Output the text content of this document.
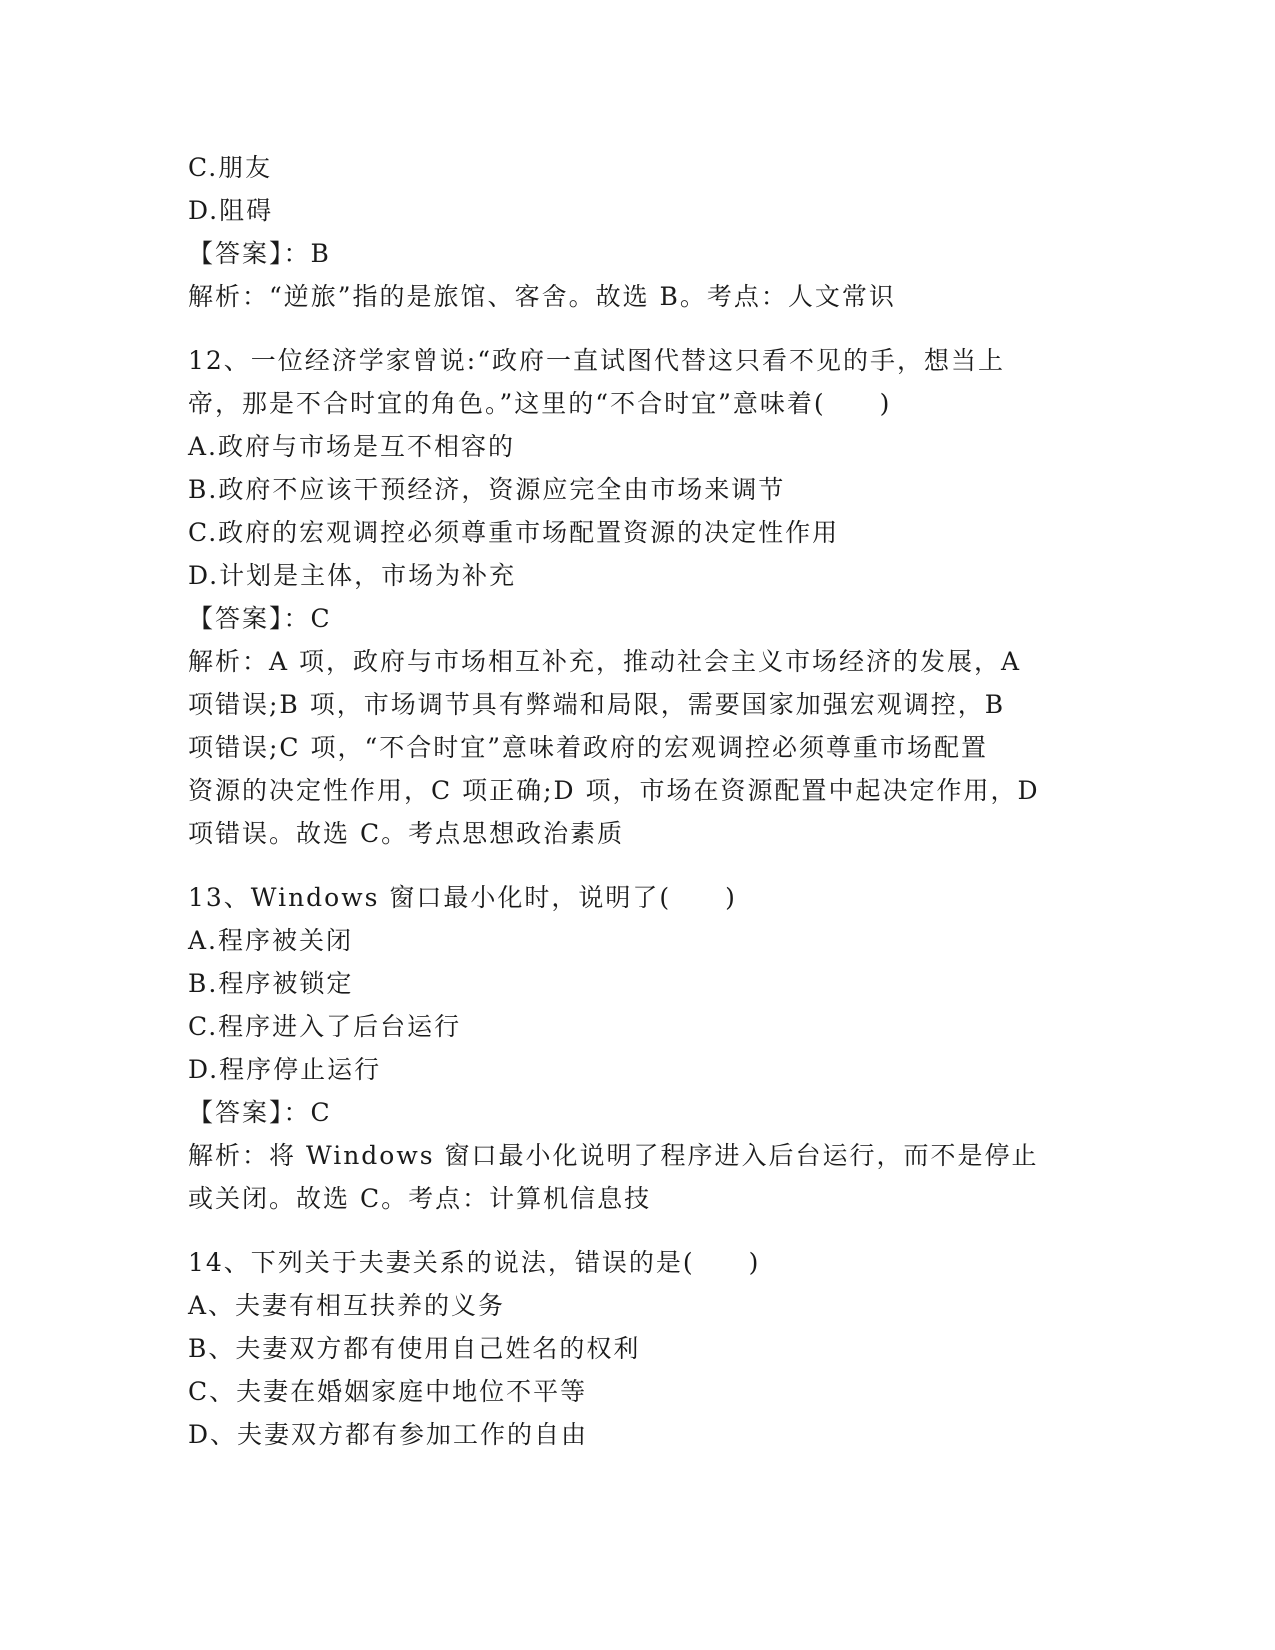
C.朋友
D.阻碍
【答案】：B
解析：“逆旅”指的是旅馆、客舍。故选 B。考点：人文常识
12、一位经济学家曾说:“政府一直试图代替这只看不见的手，想当上
帝，那是不合时宜的角色。”这里的“不合时宜”意味着(　　)
A.政府与市场是互不相容的
B.政府不应该干预经济，资源应完全由市场来调节
C.政府的宏观调控必须尊重市场配置资源的决定性作用
D.计划是主体，市场为补充
【答案】：C
解析：A 项，政府与市场相互补充，推动社会主义市场经济的发展，A
项错误;B 项，市场调节具有弊端和局限，需要国家加强宏观调控，B
项错误;C 项，“不合时宜”意味着政府的宏观调控必须尊重市场配置
资源的决定性作用，C 项正确;D 项，市场在资源配置中起决定作用，D
项错误。故选 C。考点思想政治素质
13、Windows 窗口最小化时，说明了(　　)
A.程序被关闭
B.程序被锁定
C.程序进入了后台运行
D.程序停止运行
【答案】：C
解析：将 Windows 窗口最小化说明了程序进入后台运行，而不是停止
或关闭。故选 C。考点：计算机信息技
14、下列关于夫妻关系的说法，错误的是(　　)
A、夫妻有相互扶养的义务
B、夫妻双方都有使用自己姓名的权利
C、夫妻在婚姻家庭中地位不平等
D、夫妻双方都有参加工作的自由
